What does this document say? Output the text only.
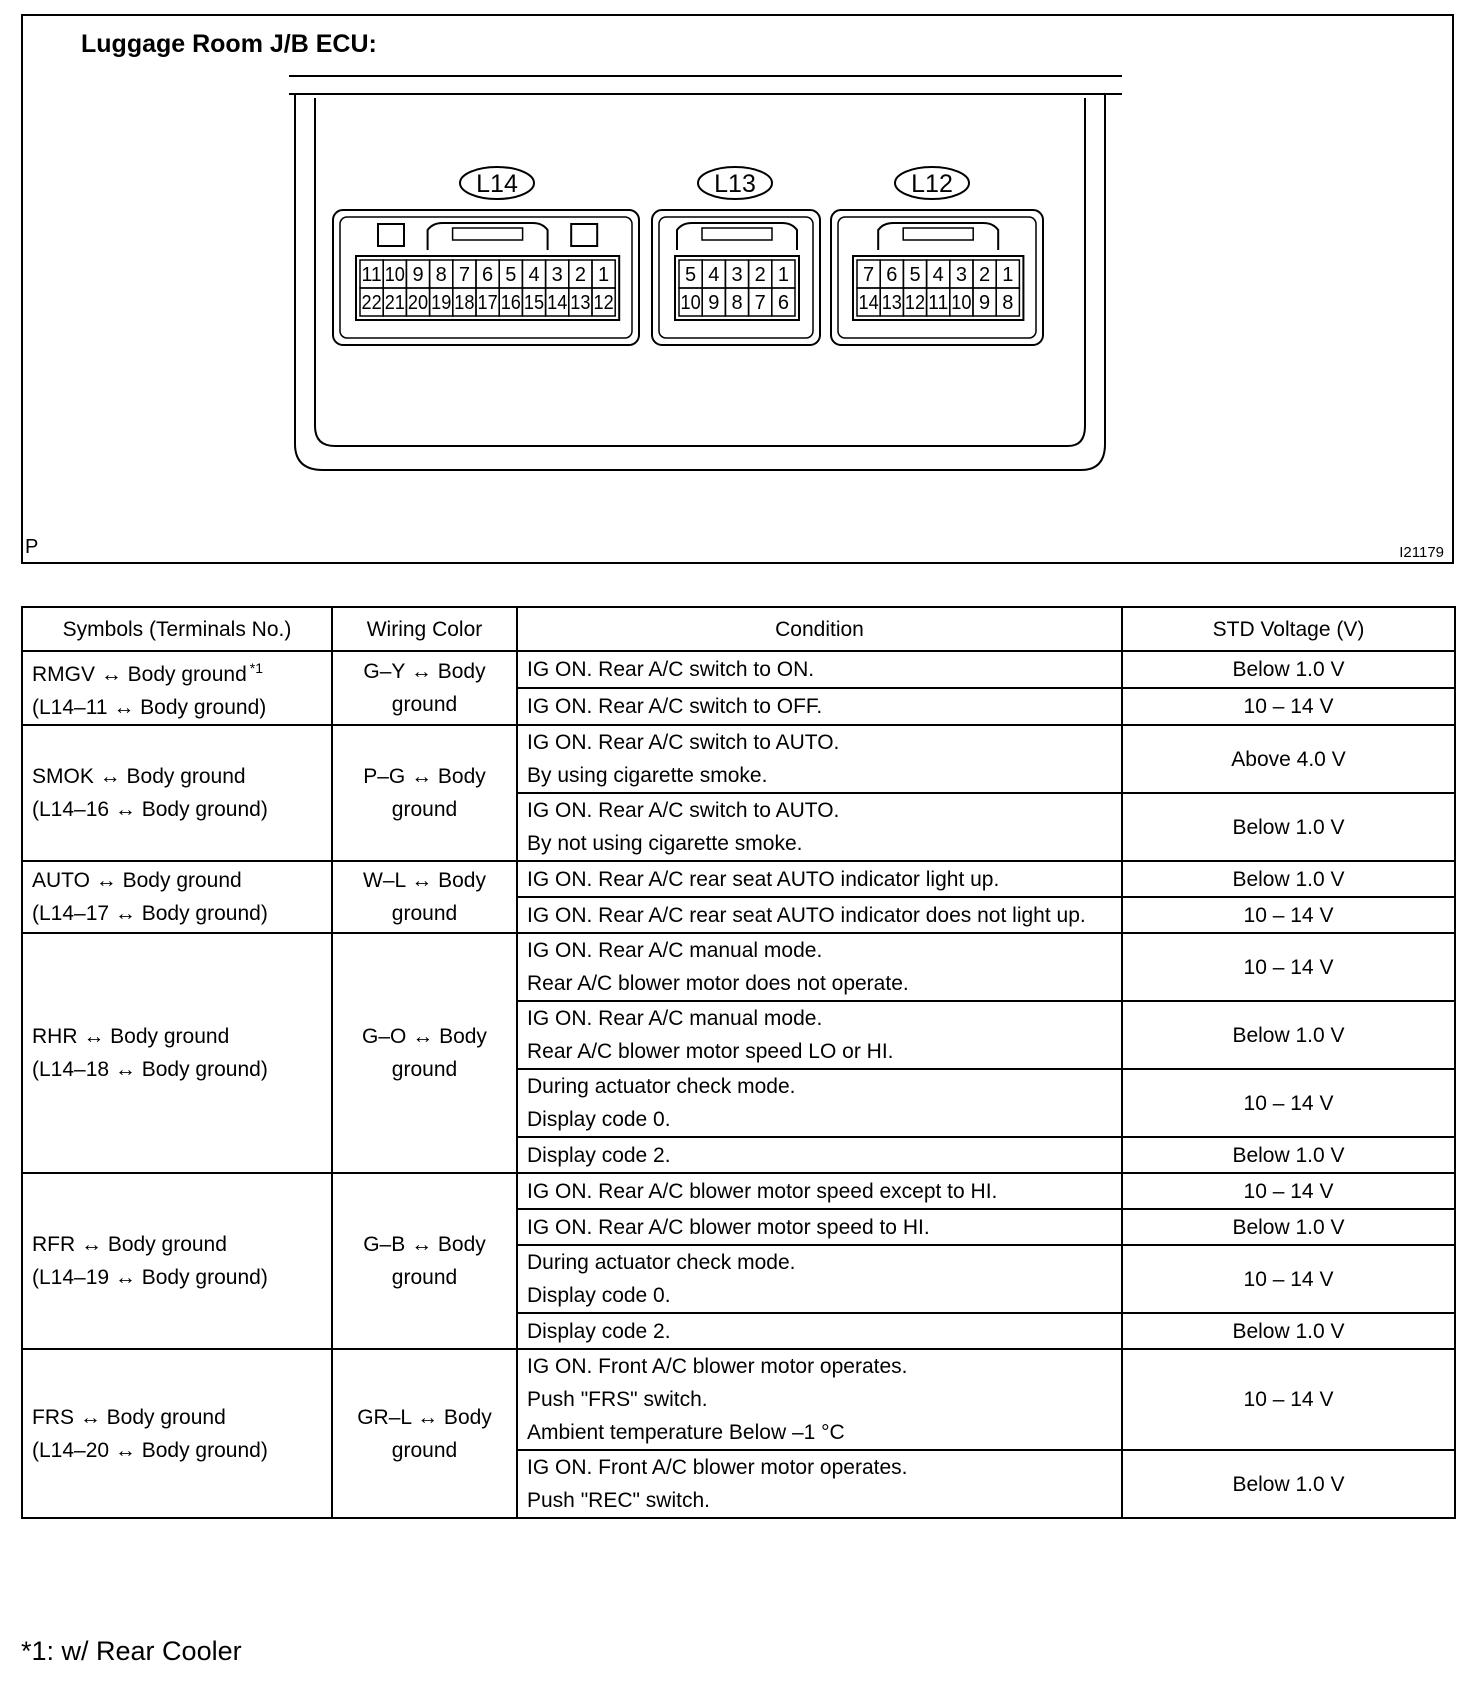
Luggage Room J/B ECU:
P	I21179
L14
11 10 9 8 7 6 5 4 3 2 1
22 21 20 19 18 17 16 15 14 13 12
L13
5 4 3 2 1
10 9 8 7 6
L12
7 6 5 4 3 2 1
14 13 12 11 10 9 8
Symbols (Terminals No.)	Wiring Color	Condition	STD Voltage (V)

RMGV ↔ Body ground $^{*1}$
(L14–11 ↔ Body ground)	G–Y ↔ Body
ground	IG ON. Rear A/C switch to ON.	Below 1.0 V

		IG ON. Rear A/C switch to OFF.	10 – 14 V

SMOK ↔ Body ground
(L14–16 ↔ Body ground)	P–G ↔ Body
ground	IG ON. Rear A/C switch to AUTO.
By using cigarette smoke.	Above 4.0 V

		IG ON. Rear A/C switch to AUTO.
By not using cigarette smoke.	Below 1.0 V

AUTO ↔ Body ground
(L14–17 ↔ Body ground)	W–L ↔ Body
ground	IG ON. Rear A/C rear seat AUTO indicator light up.	Below 1.0 V

		IG ON. Rear A/C rear seat AUTO indicator does not light up.	10 – 14 V

RHR ↔ Body ground
(L14–18 ↔ Body ground)	G–O ↔ Body
ground	IG ON. Rear A/C manual mode.
Rear A/C blower motor does not operate.	10 – 14 V

		IG ON. Rear A/C manual mode.
Rear A/C blower motor speed LO or HI.	Below 1.0 V

		During actuator check mode.
Display code 0.	10 – 14 V

		Display code 2.	Below 1.0 V

RFR ↔ Body ground
(L14–19 ↔ Body ground)	G–B ↔ Body
ground	IG ON. Rear A/C blower motor speed except to HI.	10 – 14 V

		IG ON. Rear A/C blower motor speed to HI.	Below 1.0 V

		During actuator check mode.
Display code 0.	10 – 14 V

		Display code 2.	Below 1.0 V

FRS ↔ Body ground
(L14–20 ↔ Body ground)	GR–L ↔ Body
ground	IG ON. Front A/C blower motor operates.
Push "FRS" switch.
Ambient temperature Below –1 °C	10 – 14 V

		IG ON. Front A/C blower motor operates.
Push "REC" switch.	Below 1.0 V
*1: w/ Rear Cooler
